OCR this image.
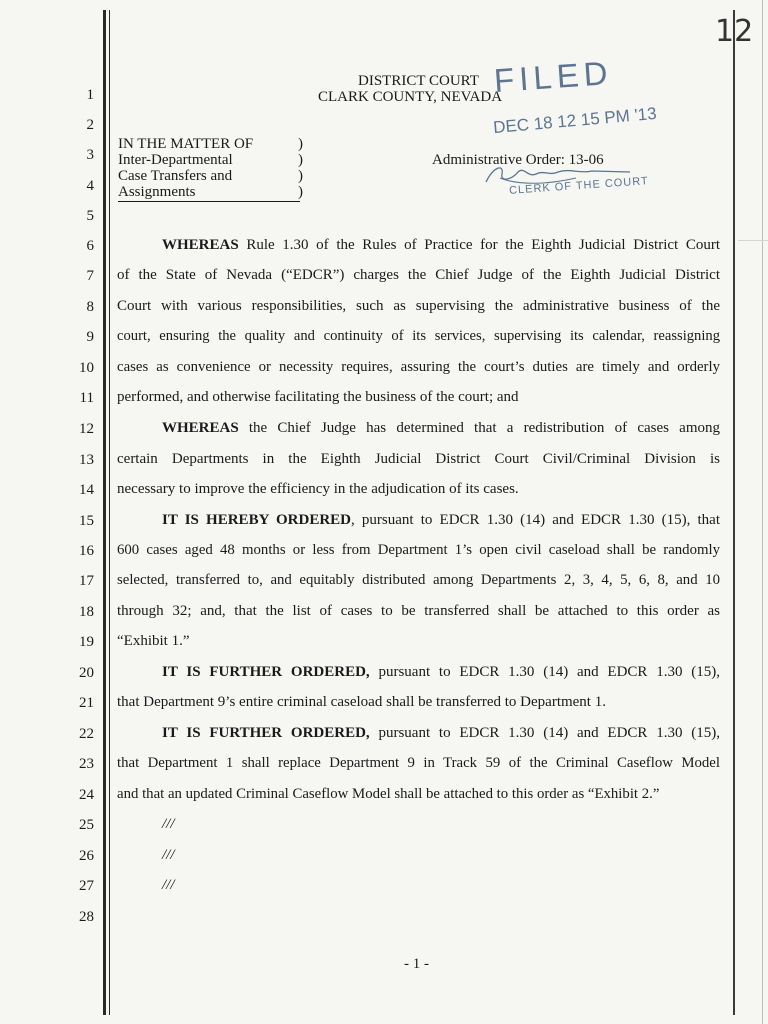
12
DISTRICT COURT
CLARK COUNTY, NEVADA
FILED
DEC 18 12 15 PM '13
CLERK OF THE COURT
IN THE MATTER OF
Inter-Departmental
Case Transfers and
Assignments
)
)
)
)
Administrative Order: 13-06
1
2
3
4
5
6
7
8
9
10
11
12
13
14
15
16
17
18
19
20
21
22
23
24
25
26
27
28
WHEREAS Rule 1.30 of the Rules of Practice for the Eighth Judicial District Court
of the State of Nevada (“EDCR”) charges the Chief Judge of the Eighth Judicial District
Court with various responsibilities, such as supervising the administrative business of the
court, ensuring the quality and continuity of its services, supervising its calendar, reassigning
cases as convenience or necessity requires, assuring the court’s duties are timely and orderly
performed, and otherwise facilitating the business of the court; and
WHEREAS the Chief Judge has determined that a redistribution of cases among
certain Departments in the Eighth Judicial District Court Civil/Criminal Division is
necessary to improve the efficiency in the adjudication of its cases.
IT IS HEREBY ORDERED, pursuant to EDCR 1.30 (14) and EDCR 1.30 (15), that
600 cases aged 48 months or less from Department 1’s open civil caseload shall be randomly
selected, transferred to, and equitably distributed among Departments 2, 3, 4, 5, 6, 8, and 10
through 32; and, that the list of cases to be transferred shall be attached to this order as
“Exhibit 1.”
IT IS FURTHER ORDERED, pursuant to EDCR 1.30 (14) and EDCR 1.30 (15),
that Department 9’s entire criminal caseload shall be transferred to Department 1.
IT IS FURTHER ORDERED, pursuant to EDCR 1.30 (14) and EDCR 1.30 (15),
that Department 1 shall replace Department 9 in Track 59 of the Criminal Caseflow Model
and that an updated Criminal Caseflow Model shall be attached to this order as “Exhibit 2.”
///
///
///
- 1 -
